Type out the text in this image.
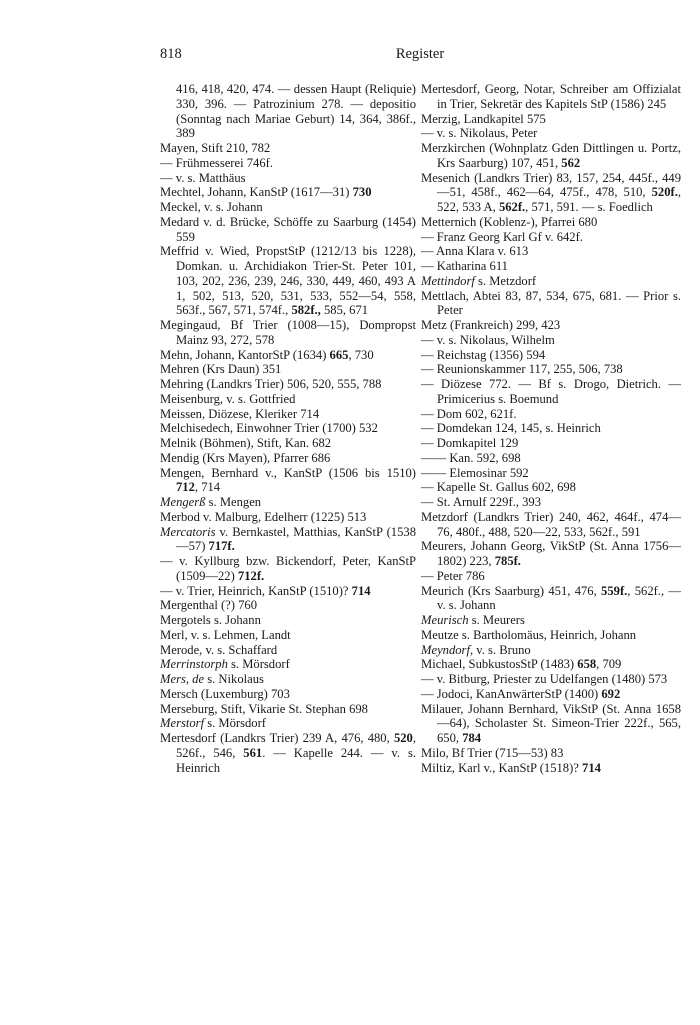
818	Register
416, 418, 420, 474. — dessen Haupt (Reliquie) 330, 396. — Patrozinium 278. — depositio (Sonntag nach Mariae Geburt) 14, 364, 386f., 389
Mayen, Stift 210, 782
— Frühmesserei 746f.
— v. s. Matthäus
Mechtel, Johann, KanStP (1617—31) 730
Meckel, v. s. Johann
Medard v. d. Brücke, Schöffe zu Saarburg (1454) 559
Meffrid v. Wied, PropstStP (1212/13 bis 1228), Domkan. u. Archidiakon Trier-St. Peter 101, 103, 202, 236, 239, 246, 330, 449, 460, 493 A 1, 502, 513, 520, 531, 533, 552—54, 558, 563f., 567, 571, 574f., 582f., 585, 671
Megingaud, Bf Trier (1008—15), Dompropst Mainz 93, 272, 578
Mehn, Johann, KantorStP (1634) 665, 730
Mehren (Krs Daun) 351
Mehring (Landkrs Trier) 506, 520, 555, 788
Meisenburg, v. s. Gottfried
Meissen, Diözese, Kleriker 714
Melchisedech, Einwohner Trier (1700) 532
Melnik (Böhmen), Stift, Kan. 682
Mendig (Krs Mayen), Pfarrer 686
Mengen, Bernhard v., KanStP (1506 bis 1510) 712, 714
Mengerß s. Mengen
Merbod v. Malburg, Edelherr (1225) 513
Mercatoris v. Bernkastel, Matthias, KanStP (1538—57) 717f.
— v. Kyllburg bzw. Bickendorf, Peter, KanStP (1509—22) 712f.
— v. Trier, Heinrich, KanStP (1510)? 714
Mergenthal (?) 760
Mergotels s. Johann
Merl, v. s. Lehmen, Landt
Merode, v. s. Schaffard
Merrinstorph s. Mörsdorf
Mers, de s. Nikolaus
Mersch (Luxemburg) 703
Merseburg, Stift, Vikarie St. Stephan 698
Merstorf s. Mörsdorf
Mertesdorf (Landkrs Trier) 239 A, 476, 480, 520, 526f., 546, 561. — Kapelle 244. — v. s. Heinrich
Mertesdorf, Georg, Notar, Schreiber am Offizialat in Trier, Sekretär des Kapitels StP (1586) 245
Merzig, Landkapitel 575
— v. s. Nikolaus, Peter
Merzkirchen (Wohnplatz Gden Dittlingen u. Portz, Krs Saarburg) 107, 451, 562
Mesenich (Landkrs Trier) 83, 157, 254, 445f., 449—51, 458f., 462—64, 475f., 478, 510, 520f., 522, 533 A, 562f., 571, 591. — s. Foedlich
Metternich (Koblenz-), Pfarrei 680
— Franz Georg Karl Gf v. 642f.
— Anna Klara v. 613
— Katharina 611
Mettindorf s. Metzdorf
Mettlach, Abtei 83, 87, 534, 675, 681. — Prior s. Peter
Metz (Frankreich) 299, 423
— v. s. Nikolaus, Wilhelm
— Reichstag (1356) 594
— Reunionskammer 117, 255, 506, 738
— Diözese 772. — Bf s. Drogo, Dietrich. — Primicerius s. Boemund
— Dom 602, 621f.
— Domdekan 124, 145, s. Heinrich
— Domkapitel 129
—— Kan. 592, 698
—— Elemosinar 592
— Kapelle St. Gallus 602, 698
— St. Arnulf 229f., 393
Metzdorf (Landkrs Trier) 240, 462, 464f., 474—76, 480f., 488, 520—22, 533, 562f., 591
Meurers, Johann Georg, VikStP (St. Anna 1756—1802) 223, 785f.
— Peter 786
Meurich (Krs Saarburg) 451, 476, 559f., 562f., — v. s. Johann
Meurisch s. Meurers
Meutze s. Bartholomäus, Heinrich, Johann
Meyndorf, v. s. Bruno
Michael, SubkustosStP (1483) 658, 709
— v. Bitburg, Priester zu Udelfangen (1480) 573
— Jodoci, KanAnwärterStP (1400) 692
Milauer, Johann Bernhard, VikStP (St. Anna 1658—64), Scholaster St. Simeon-Trier 222f., 565, 650, 784
Milo, Bf Trier (715—53) 83
Miltiz, Karl v., KanStP (1518)? 714
